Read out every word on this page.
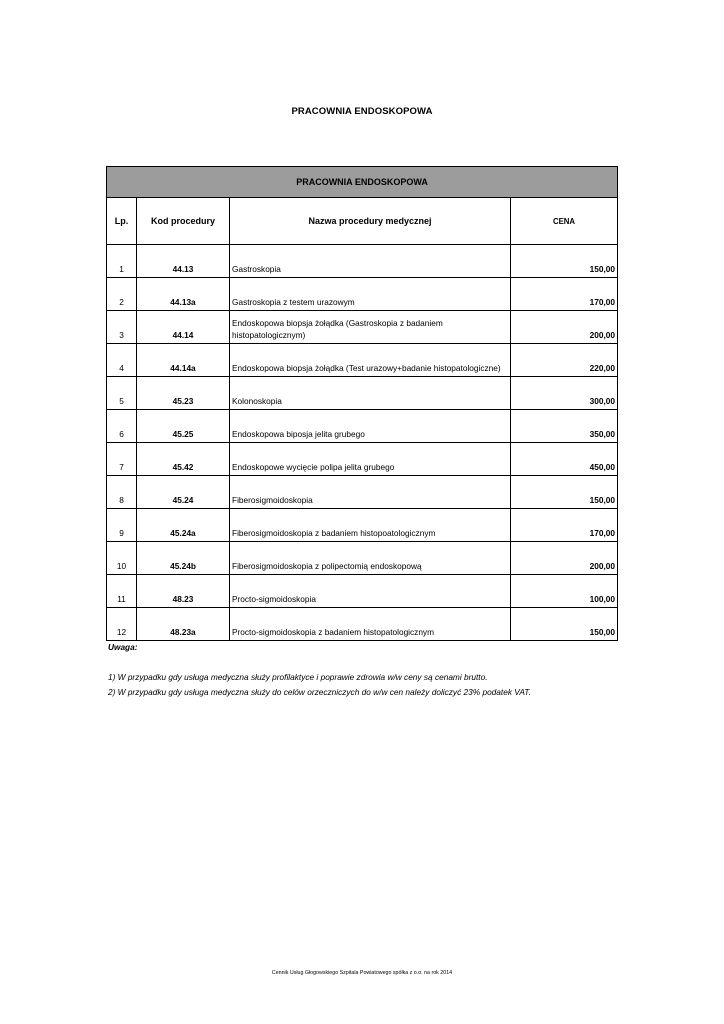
PRACOWNIA ENDOSKOPOWA
PRACOWNIA ENDOSKOPOWA			
Lp.	Kod procedury	Nazwa procedury medycznej	CENA
1	44.13	Gastroskopia	150,00
2	44.13a	Gastroskopia z testem urazowym	170,00
3	44.14	Endoskopowa biopsja żołądka (Gastroskopia z badaniem histopatologicznym)	200,00
4	44.14a	Endoskopowa biopsja żołądka (Test urazowy+badanie histopatologiczne)	220,00
5	45.23	Kolonoskopia	300,00
6	45.25	Endoskopowa biposja jelita grubego	350,00
7	45.42	Endoskopowe wycięcie polipa jelita grubego	450,00
8	45.24	Fiberosigmoidoskopia	150,00
9	45.24a	Fiberosigmoidoskopia z badaniem histopoatologicznym	170,00
10	45.24b	Fiberosigmoidoskopia z polipectomią endoskopową	200,00
11	48.23	Procto-sigmoidoskopia	100,00
12	48.23a	Procto-sigmoidoskopia z badaniem histopatologicznym	150,00
Uwaga:
1) W przypadku gdy usługa medyczna służy profilaktyce i poprawie zdrowia w/w ceny są cenami brutto.
2) W przypadku gdy usługa medyczna służy do celów orzeczniczych do w/w cen należy doliczyć 23% podatek VAT.
Cennik Usług Głogowskiego Szpitala Powiatowego spółka z o.o. na rok 2014
